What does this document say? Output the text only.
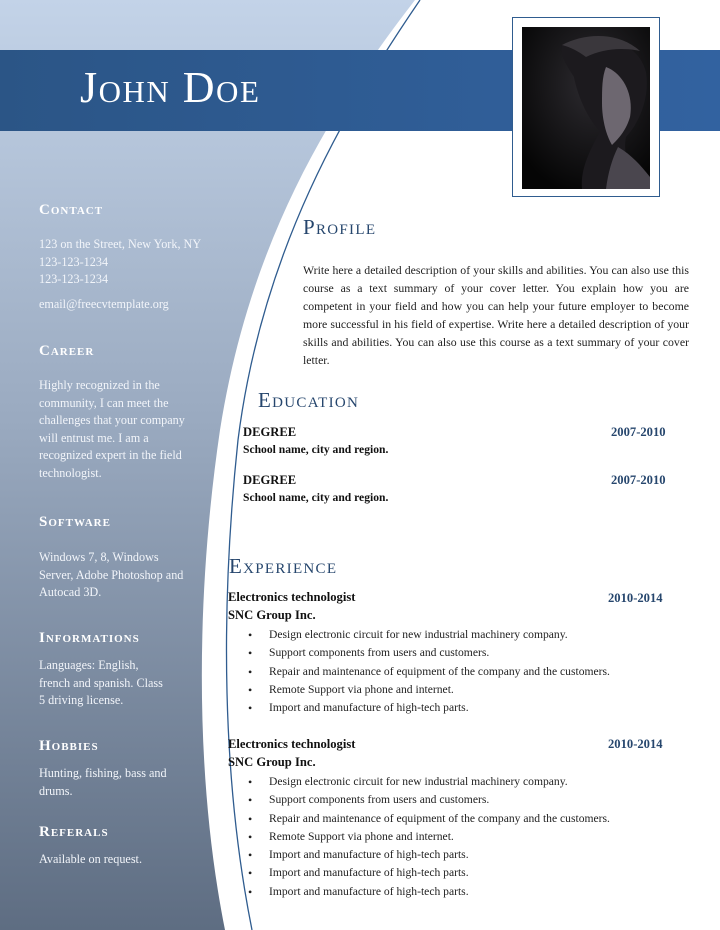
John Doe
Contact
123 on the Street, New York, NY
123-123-1234
123-123-1234
email@freecvtemplate.org
Career
Highly recognized in the community, I can meet the challenges that your company will entrust me. I am a recognized expert in the field technologist.
Software
Windows 7, 8, Windows Server, Adobe Photoshop and Autocad 3D.
Informations
Languages: English, french and spanish. Class 5 driving license.
Hobbies
Hunting, fishing, bass and drums.
Referals
Available on request.
Profile
Write here a detailed description of your skills and abilities. You can also use this course as a text summary of your cover letter. You explain how you are competent in your field and how you can help your future employer to become more successful in his field of expertise. Write here a detailed description of your skills and abilities. You can also use this course as a text summary of your cover letter.
Education
DEGREE	2007-2010
School name, city and region.
DEGREE	2007-2010
School name, city and region.
Experience
Electronics technologist	2010-2014
SNC Group Inc.
• Design electronic circuit for new industrial machinery company.
• Support components from users and customers.
• Repair and maintenance of equipment of the company and the customers.
• Remote Support via phone and internet.
• Import and manufacture of high-tech parts.
Electronics technologist	2010-2014
SNC Group Inc.
• Design electronic circuit for new industrial machinery company.
• Support components from users and customers.
• Repair and maintenance of equipment of the company and the customers.
• Remote Support via phone and internet.
• Import and manufacture of high-tech parts.
• Import and manufacture of high-tech parts.
• Import and manufacture of high-tech parts.
